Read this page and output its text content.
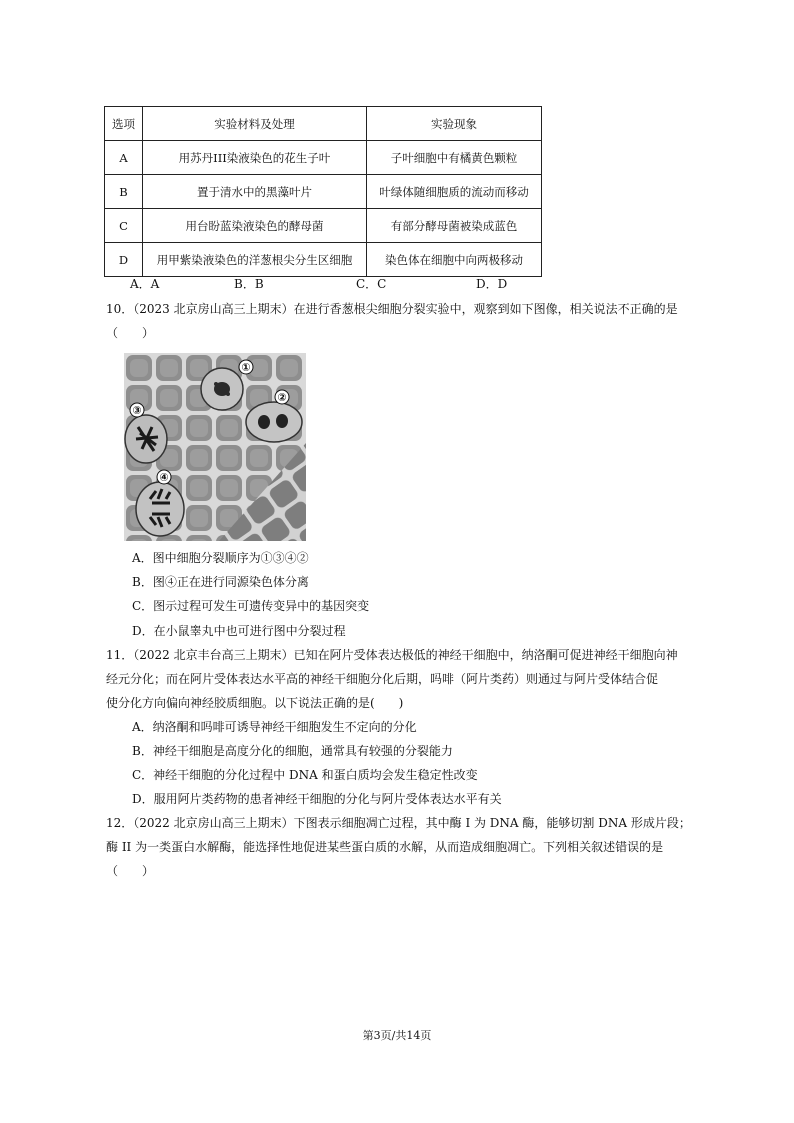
选项	实验材料及处理	实验现象
A	用苏丹III染液染色的花生子叶	子叶细胞中有橘黄色颗粒
B	置于清水中的黑藻叶片	叶绿体随细胞质的流动而移动
C	用台盼蓝染液染色的酵母菌	有部分酵母菌被染成蓝色
D	用甲紫染液染色的洋葱根尖分生区细胞	染色体在细胞中向两极移动
A．A	B．B	C．C	D．D
10．（2023 北京房山高三上期末）在进行香葱根尖细胞分裂实验中，观察到如下图像，相关说法不正确的是
（　　）
①
②
③
④
A．图中细胞分裂顺序为①③④②
B．图④正在进行同源染色体分离
C．图示过程可发生可遗传变异中的基因突变
D．在小鼠睾丸中也可进行图中分裂过程
11．（2022 北京丰台高三上期末）已知在阿片受体表达极低的神经干细胞中，纳洛酮可促进神经干细胞向神
经元分化；而在阿片受体表达水平高的神经干细胞分化后期，吗啡（阿片类药）则通过与阿片受体结合促
使分化方向偏向神经胶质细胞。以下说法正确的是(　　)
A．纳洛酮和吗啡可诱导神经干细胞发生不定向的分化
B．神经干细胞是高度分化的细胞，通常具有较强的分裂能力
C．神经干细胞的分化过程中 DNA 和蛋白质均会发生稳定性改变
D．服用阿片类药物的患者神经干细胞的分化与阿片受体表达水平有关
12．（2022 北京房山高三上期末）下图表示细胞凋亡过程，其中酶 I 为 DNA 酶，能够切割 DNA 形成片段；
酶 II 为一类蛋白水解酶，能选择性地促进某些蛋白质的水解，从而造成细胞凋亡。下列相关叙述错误的是
（　　）
第3页/共14页
